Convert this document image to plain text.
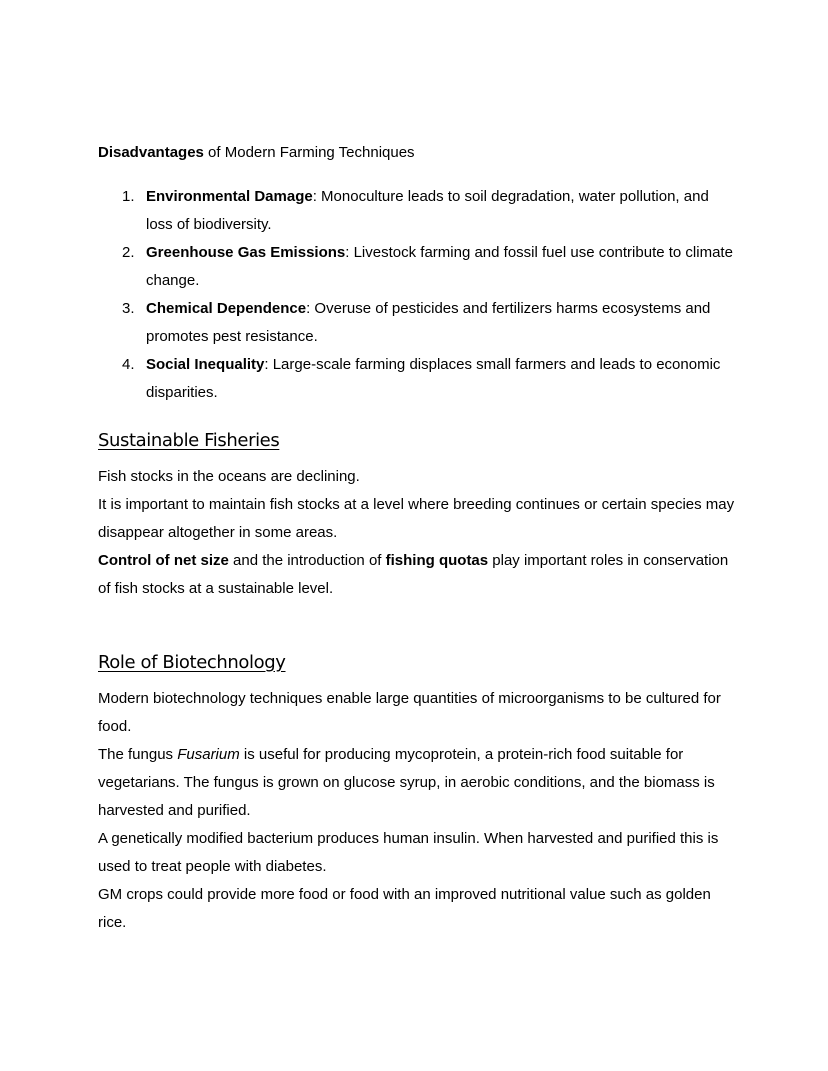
Disadvantages of Modern Farming Techniques
1. Environmental Damage: Monoculture leads to soil degradation, water pollution, and loss of biodiversity.
2. Greenhouse Gas Emissions: Livestock farming and fossil fuel use contribute to climate change.
3. Chemical Dependence: Overuse of pesticides and fertilizers harms ecosystems and promotes pest resistance.
4. Social Inequality: Large-scale farming displaces small farmers and leads to economic disparities.
Sustainable Fisheries

Fish stocks in the oceans are declining.

It is important to maintain fish stocks at a level where breeding continues or certain species may disappear altogether in some areas.

Control of net size and the introduction of fishing quotas play important roles in conservation of fish stocks at a sustainable level.

Role of Biotechnology

Modern biotechnology techniques enable large quantities of microorganisms to be cultured for food.

The fungus Fusarium is useful for producing mycoprotein, a protein-rich food suitable for vegetarians. The fungus is grown on glucose syrup, in aerobic conditions, and the biomass is harvested and purified.

A genetically modified bacterium produces human insulin. When harvested and purified this is used to treat people with diabetes.

GM crops could provide more food or food with an improved nutritional value such as golden rice.
